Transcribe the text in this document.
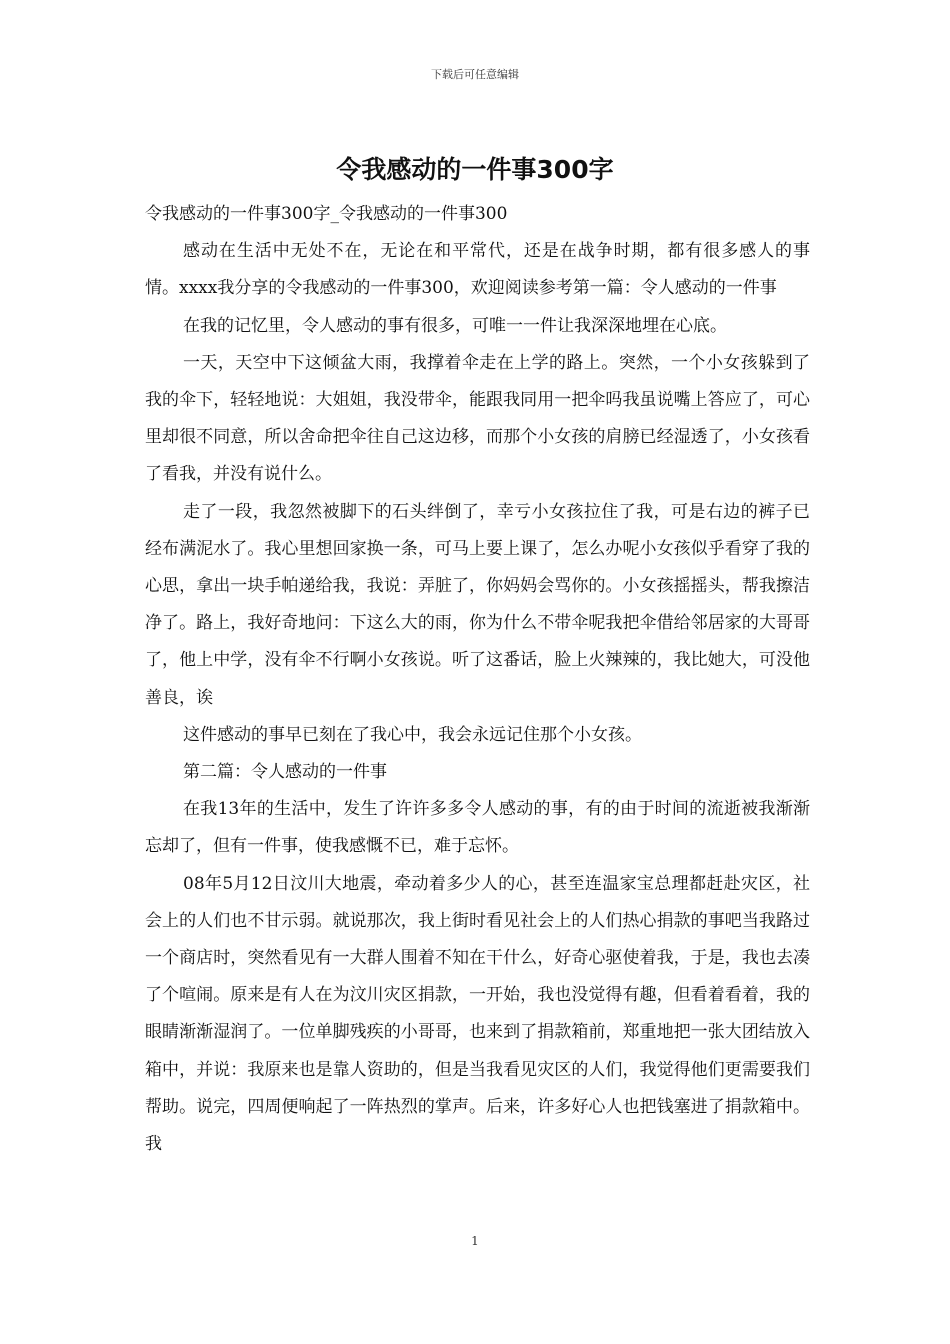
下载后可任意编辑
令我感动的一件事300字

令我感动的一件事300字_令我感动的一件事300

感动在生活中无处不在，无论在和平常代，还是在战争时期，都有很多感人的事情。xxxx我分享的令我感动的一件事300，欢迎阅读参考第一篇：令人感动的一件事

在我的记忆里，令人感动的事有很多，可唯一一件让我深深地埋在心底。

一天，天空中下这倾盆大雨，我撑着伞走在上学的路上。突然，一个小女孩躲到了我的伞下，轻轻地说：大姐姐，我没带伞，能跟我同用一把伞吗我虽说嘴上答应了，可心里却很不同意，所以舍命把伞往自己这边移，而那个小女孩的肩膀已经湿透了，小女孩看了看我，并没有说什么。

走了一段，我忽然被脚下的石头绊倒了，幸亏小女孩拉住了我，可是右边的裤子已经布满泥水了。我心里想回家换一条，可马上要上课了，怎么办呢小女孩似乎看穿了我的心思，拿出一块手帕递给我，我说：弄脏了，你妈妈会骂你的。小女孩摇摇头，帮我擦洁净了。路上，我好奇地问：下这么大的雨，你为什么不带伞呢我把伞借给邻居家的大哥哥了，他上中学，没有伞不行啊小女孩说。听了这番话，脸上火辣辣的，我比她大，可没他善良，诶

这件感动的事早已刻在了我心中，我会永远记住那个小女孩。

第二篇：令人感动的一件事

在我13年的生活中，发生了许许多多令人感动的事，有的由于时间的流逝被我渐渐忘却了，但有一件事，使我感慨不已，难于忘怀。

08年5月12日汶川大地震，牵动着多少人的心，甚至连温家宝总理都赶赴灾区，社会上的人们也不甘示弱。就说那次，我上街时看见社会上的人们热心捐款的事吧当我路过一个商店时，突然看见有一大群人围着不知在干什么，好奇心驱使着我，于是，我也去凑了个喧闹。原来是有人在为汶川灾区捐款，一开始，我也没觉得有趣，但看着看着，我的眼睛渐渐湿润了。一位单脚残疾的小哥哥，也来到了捐款箱前，郑重地把一张大团结放入箱中，并说：我原来也是靠人资助的，但是当我看见灾区的人们，我觉得他们更需要我们帮助。说完，四周便响起了一阵热烈的掌声。后来，许多好心人也把钱塞进了捐款箱中。我

1
